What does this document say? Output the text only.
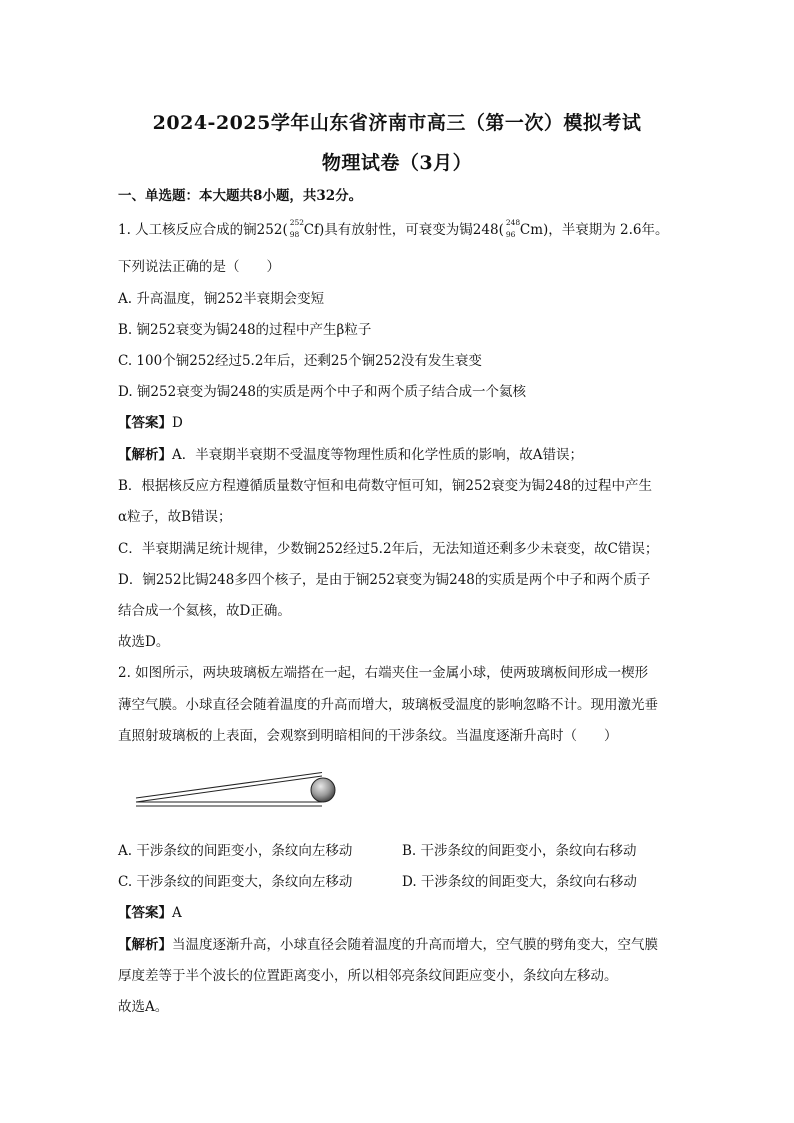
2024-2025学年山东省济南市高三（第一次）模拟考试
物理试卷（3月）
一、单选题：本大题共8小题，共32分。
1. 人工核反应合成的锎252( 252
98 Cf)具有放射性，可衰变为锔248( 248
96 Cm)，半衰期为 2.6年。
下列说法正确的是（　　）
A. 升高温度，锎252半衰期会变短
B. 锎252衰变为锔248的过程中产生β粒子
C. 100个锎252经过5.2年后，还剩25个锎252没有发生衰变
D. 锎252衰变为锔248的实质是两个中子和两个质子结合成一个氦核
【答案】D
【解析】A．半衰期半衰期不受温度等物理性质和化学性质的影响，故A错误；
B．根据核反应方程遵循质量数守恒和电荷数守恒可知，锎252衰变为锔248的过程中产生
α粒子，故B错误；
C．半衰期满足统计规律，少数锎252经过5.2年后，无法知道还剩多少未衰变，故C错误；
D．锎252比锔248多四个核子，是由于锎252衰变为锔248的实质是两个中子和两个质子
结合成一个氦核，故D正确。
故选D。
2. 如图所示，两块玻璃板左端搭在一起，右端夹住一金属小球，使两玻璃板间形成一楔形
薄空气膜。小球直径会随着温度的升高而增大，玻璃板受温度的影响忽略不计。现用激光垂
直照射玻璃板的上表面，会观察到明暗相间的干涉条纹。当温度逐渐升高时（　　）
A. 干涉条纹的间距变小，条纹向左移动	B. 干涉条纹的间距变小，条纹向右移动
C. 干涉条纹的间距变大，条纹向左移动	D. 干涉条纹的间距变大，条纹向右移动
【答案】A
【解析】当温度逐渐升高，小球直径会随着温度的升高而增大，空气膜的劈角变大，空气膜
厚度差等于半个波长的位置距离变小，所以相邻亮条纹间距应变小，条纹向左移动。
故选A。
